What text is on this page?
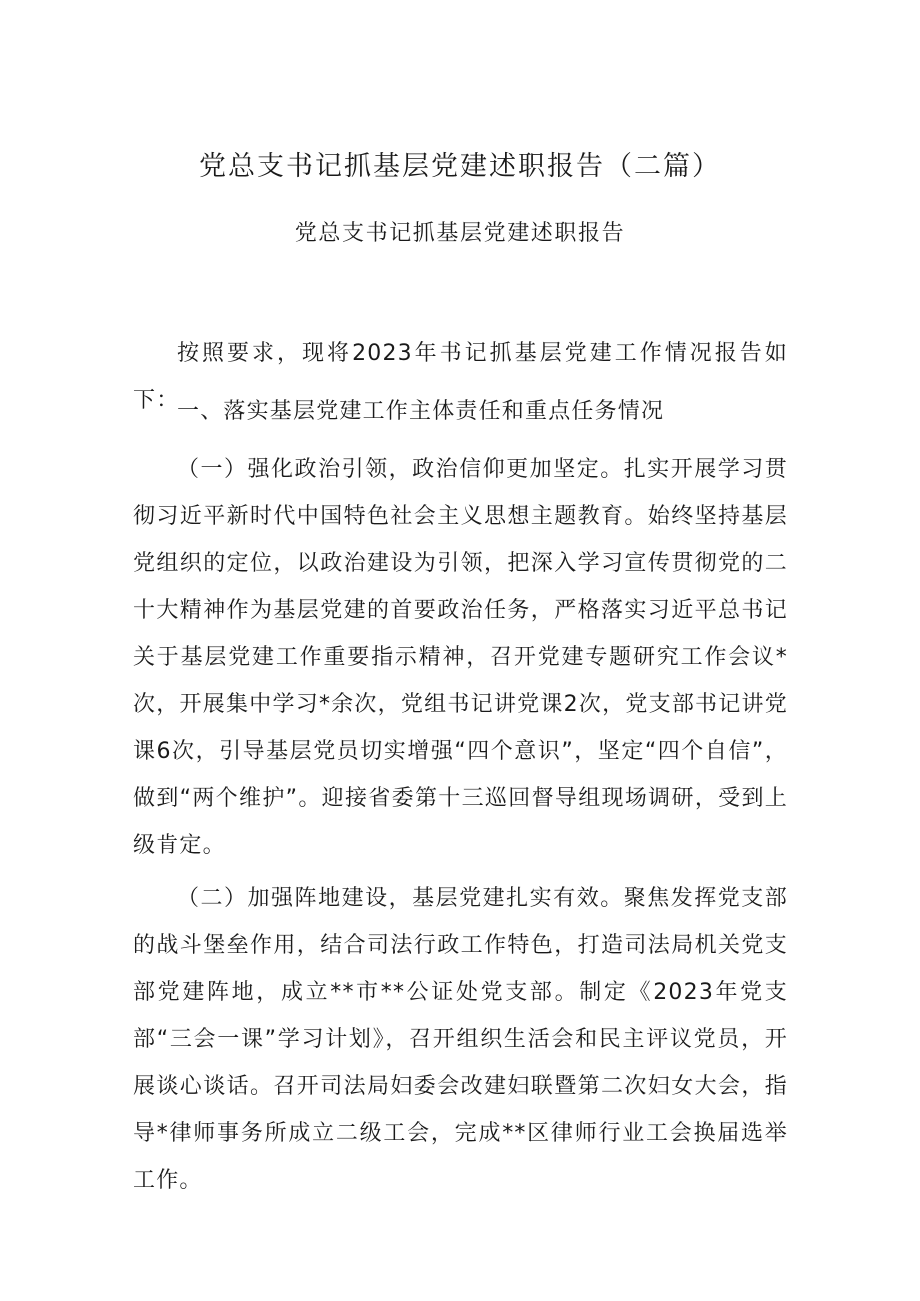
党总支书记抓基层党建述职报告（二篇）
党总支书记抓基层党建述职报告

按照要求，现将2023年书记抓基层党建工作情况报告如下：

一、落实基层党建工作主体责任和重点任务情况

（一）强化政治引领，政治信仰更加坚定。扎实开展学习贯彻习近平新时代中国特色社会主义思想主题教育。始终坚持基层党组织的定位，以政治建设为引领，把深入学习宣传贯彻党的二十大精神作为基层党建的首要政治任务，严格落实习近平总书记关于基层党建工作重要指示精神，召开党建专题研究工作会议*次，开展集中学习*余次，党组书记讲党课2次，党支部书记讲党课6次，引导基层党员切实增强“四个意识”，坚定“四个自信”，做到“两个维护”。迎接省委第十三巡回督导组现场调研，受到上级肯定。

（二）加强阵地建设，基层党建扎实有效。聚焦发挥党支部的战斗堡垒作用，结合司法行政工作特色，打造司法局机关党支部党建阵地，成立**市**公证处党支部。制定《2023年党支部“三会一课”学习计划》，召开组织生活会和民主评议党员，开展谈心谈话。召开司法局妇委会改建妇联暨第二次妇女大会，指导*律师事务所成立二级工会，完成**区律师行业工会换届选举工作。
